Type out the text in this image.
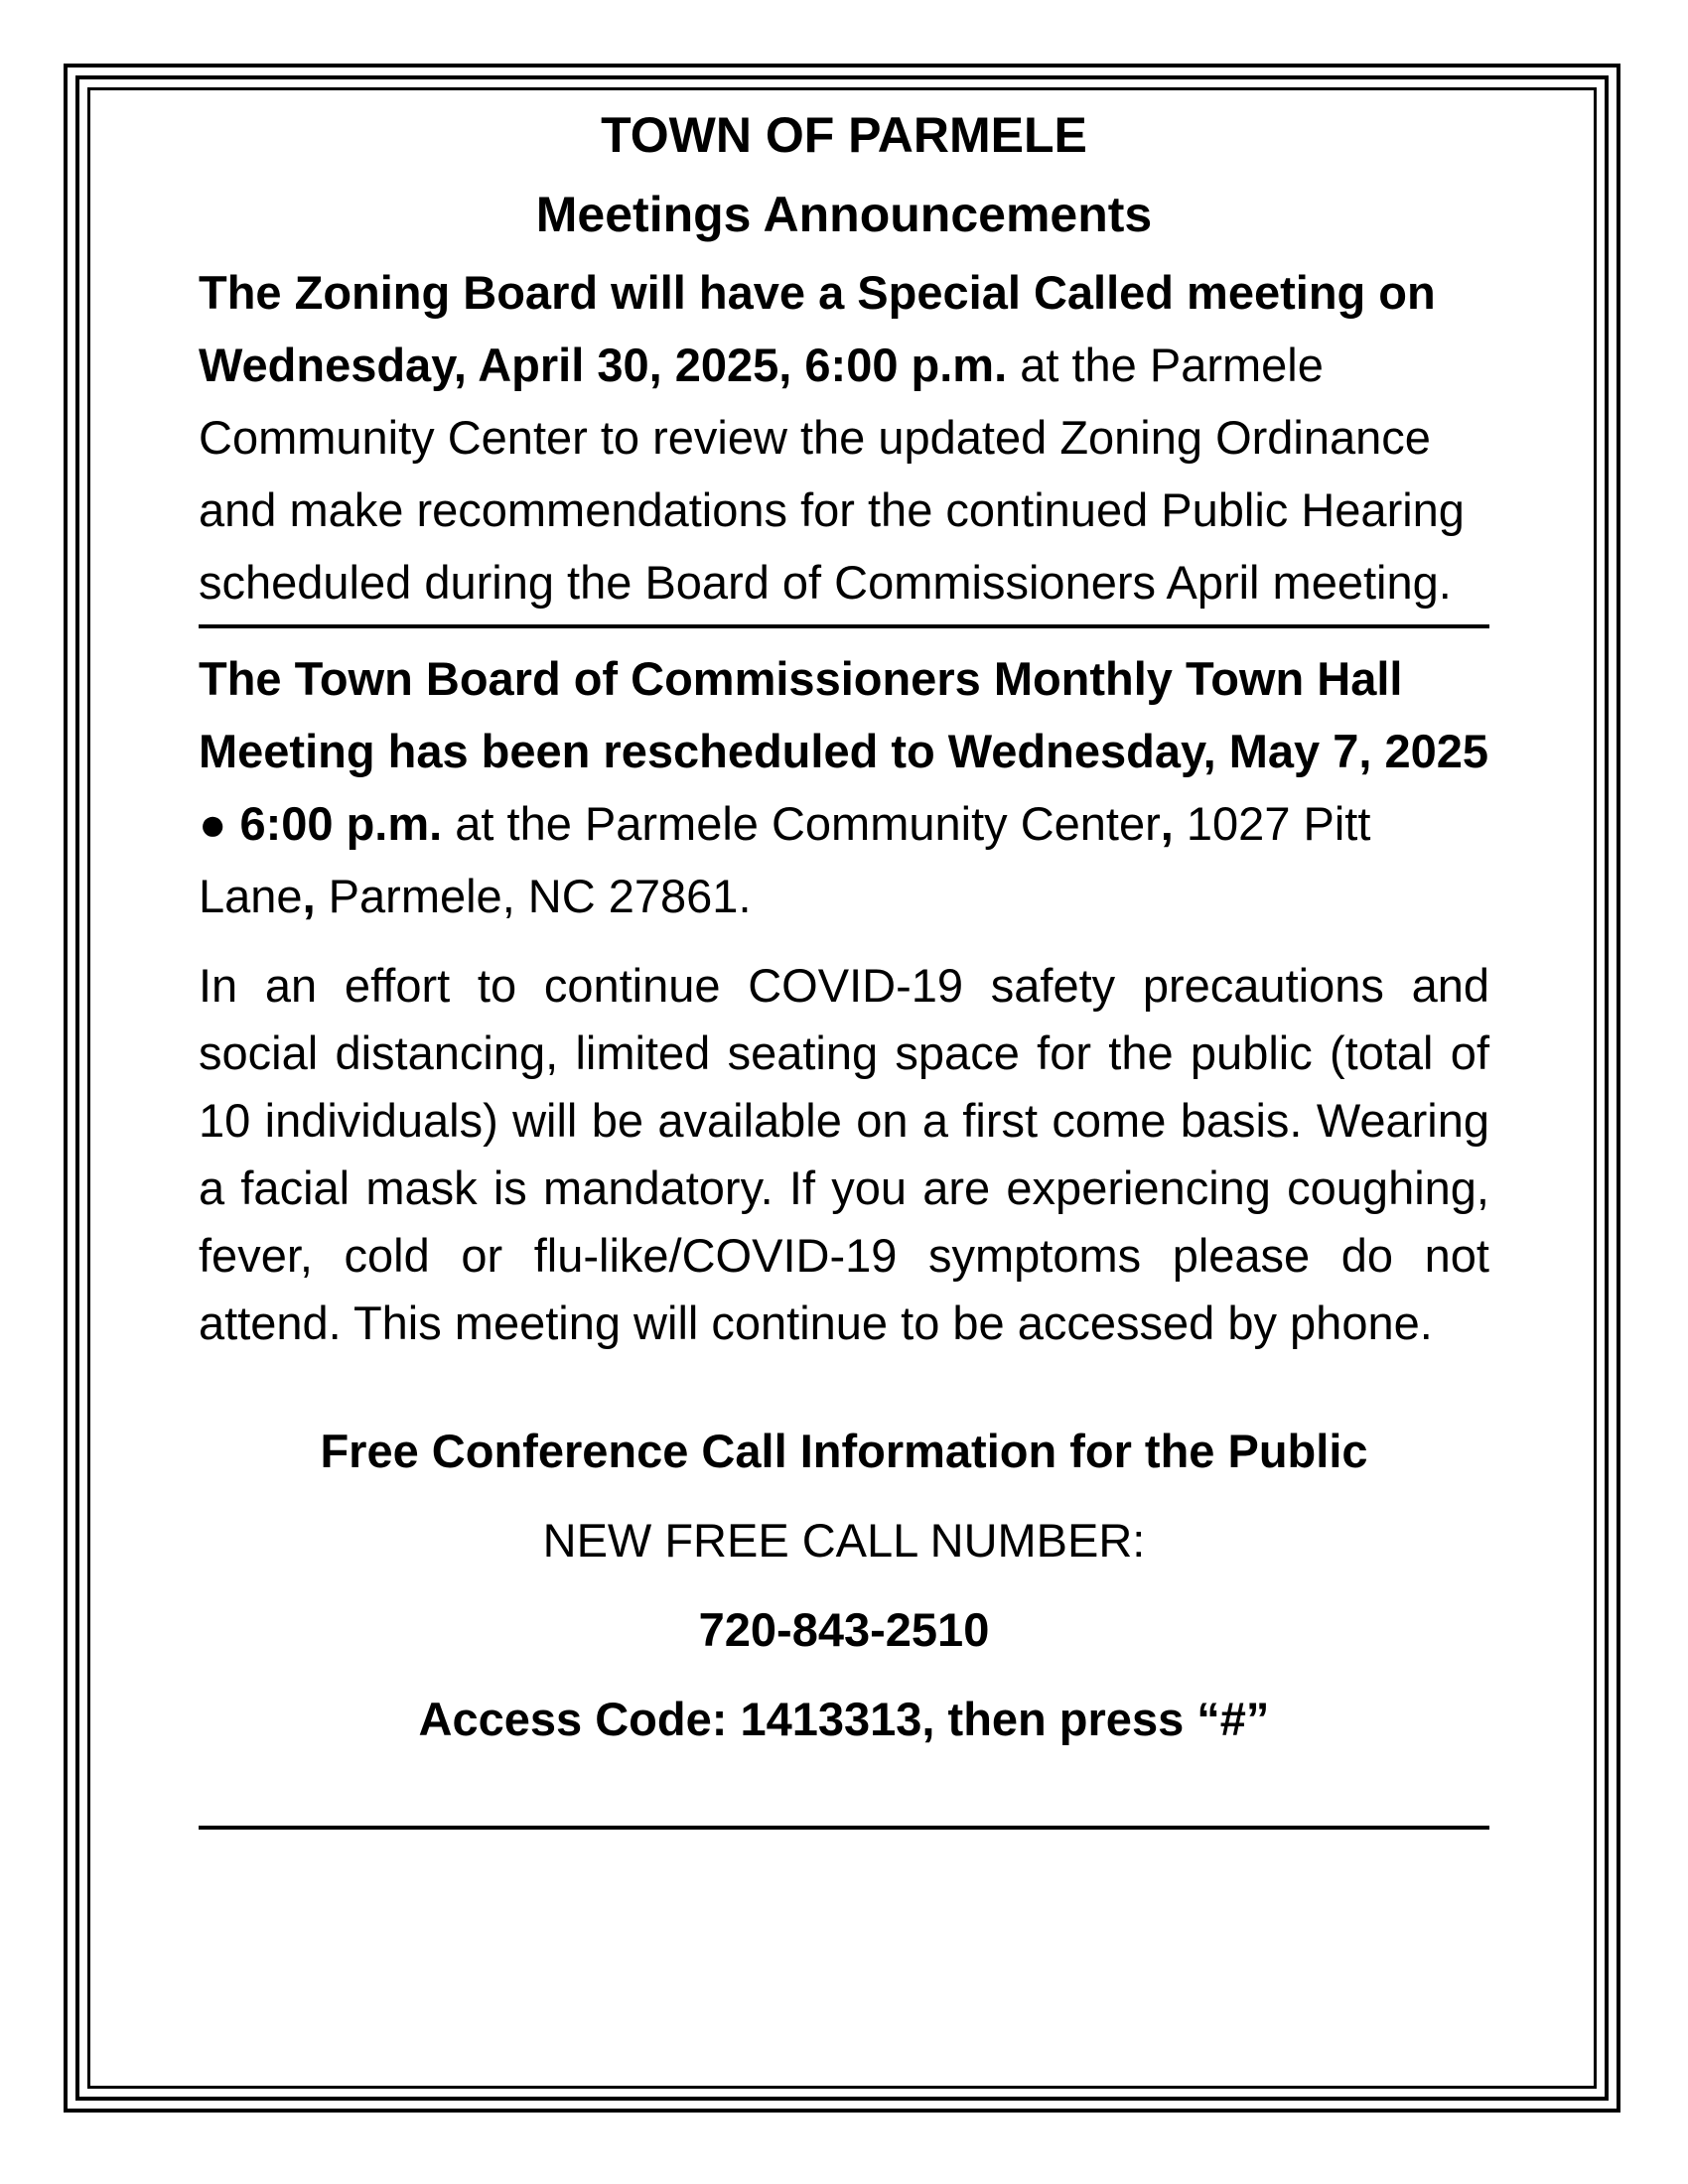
TOWN OF PARMELE
Meetings Announcements

The Zoning Board will have a Special Called meeting on Wednesday, April 30, 2025, 6:00 p.m. at the Parmele Community Center to review the updated Zoning Ordinance and make recommendations for the continued Public Hearing scheduled during the Board of Commissioners April meeting.

The Town Board of Commissioners Monthly Town Hall Meeting has been rescheduled to Wednesday, May 7, 2025 ● 6:00 p.m. at the Parmele Community Center, 1027 Pitt Lane, Parmele, NC 27861.

In an effort to continue COVID-19 safety precautions and social distancing, limited seating space for the public (total of 10 individuals) will be available on a first come basis. Wearing a facial mask is mandatory. If you are experiencing coughing, fever, cold or flu-like/COVID-19 symptoms please do not attend. This meeting will continue to be accessed by phone.

Free Conference Call Information for the Public

NEW FREE CALL NUMBER:

720-843-2510

Access Code: 1413313, then press “#”
